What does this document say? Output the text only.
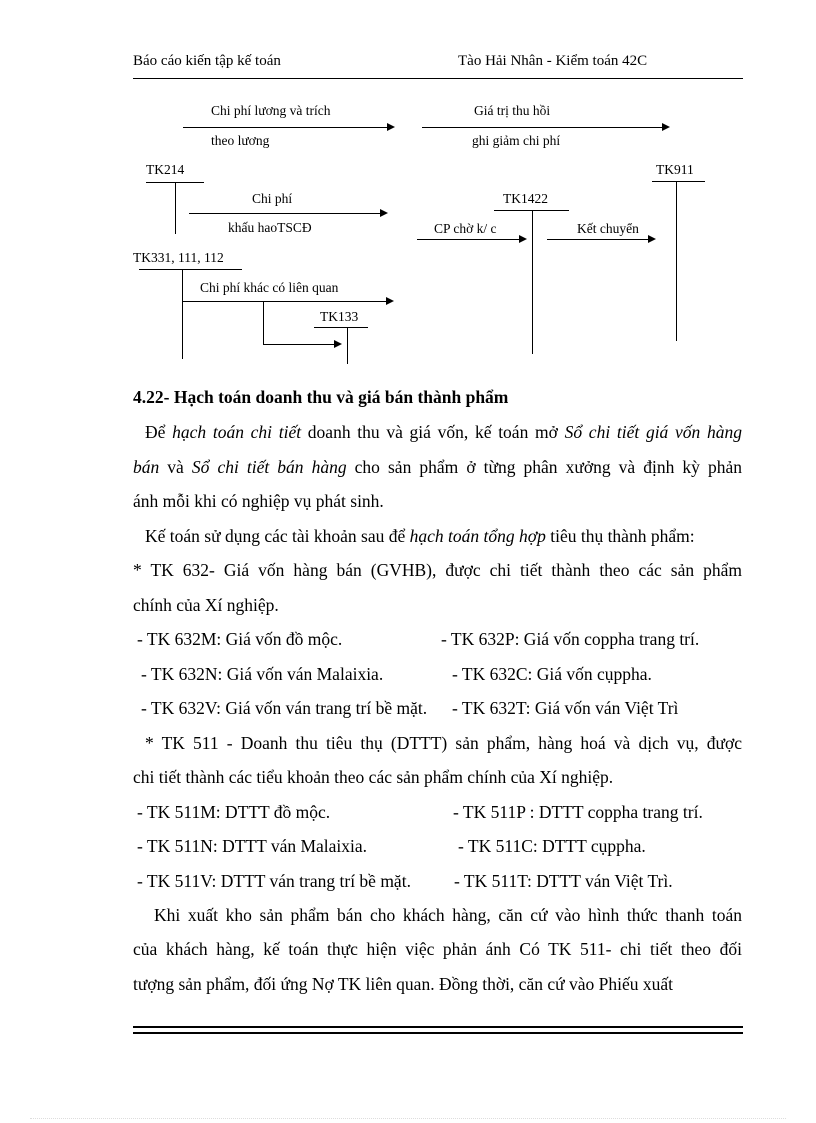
Báo cáo kiến tập kế toán	Tào Hải Nhân - Kiểm toán 42C
Chi phí lương và trích
theo lương
Giá trị thu hồi
ghi giảm chi phí
TK214
Chi phí
khấu haoTSCĐ
TK1422
TK911
CP chờ k/ c	Kết chuyển
TK331, 111, 112
Chi phí khác có liên quan
TK133
4.22- Hạch toán doanh thu và giá bán thành phẩm
Để hạch toán chi tiết doanh thu và giá vốn, kế toán mở Sổ chi tiết giá vốn hàng
bán và Sổ chi tiết bán hàng cho sản phẩm ở từng phân xưởng và định kỳ phản
ánh mỗi khi có nghiệp vụ phát sinh.
Kế toán sử dụng các tài khoản sau để hạch toán tổng hợp tiêu thụ thành phẩm:
* TK 632- Giá vốn hàng bán (GVHB), được chi tiết thành theo các sản phẩm
chính của Xí nghiệp.
- TK 632M: Giá vốn đồ mộc.	- TK 632P: Giá vốn coppha trang trí.
- TK 632N: Giá vốn ván Malaixia.	- TK 632C: Giá vốn cụppha.
- TK 632V: Giá vốn ván trang trí bề mặt. - TK 632T: Giá vốn ván Việt Trì
* TK 511 - Doanh thu tiêu thụ (DTTT) sản phẩm, hàng hoá và dịch vụ, được
chi tiết thành các tiểu khoản theo các sản phẩm chính của Xí nghiệp.
- TK 511M: DTTT đồ mộc.	- TK 511P : DTTT coppha trang trí.
- TK 511N: DTTT ván Malaixia.	- TK 511C: DTTT cụppha.
- TK 511V: DTTT ván trang trí bề mặt. - TK 511T: DTTT ván Việt Trì.
Khi xuất kho sản phẩm bán cho khách hàng, căn cứ vào hình thức thanh toán
của khách hàng, kế toán thực hiện việc phản ánh Có TK 511- chi tiết theo đối
tượng sản phẩm, đối ứng Nợ TK liên quan. Đồng thời, căn cứ vào Phiếu xuất
